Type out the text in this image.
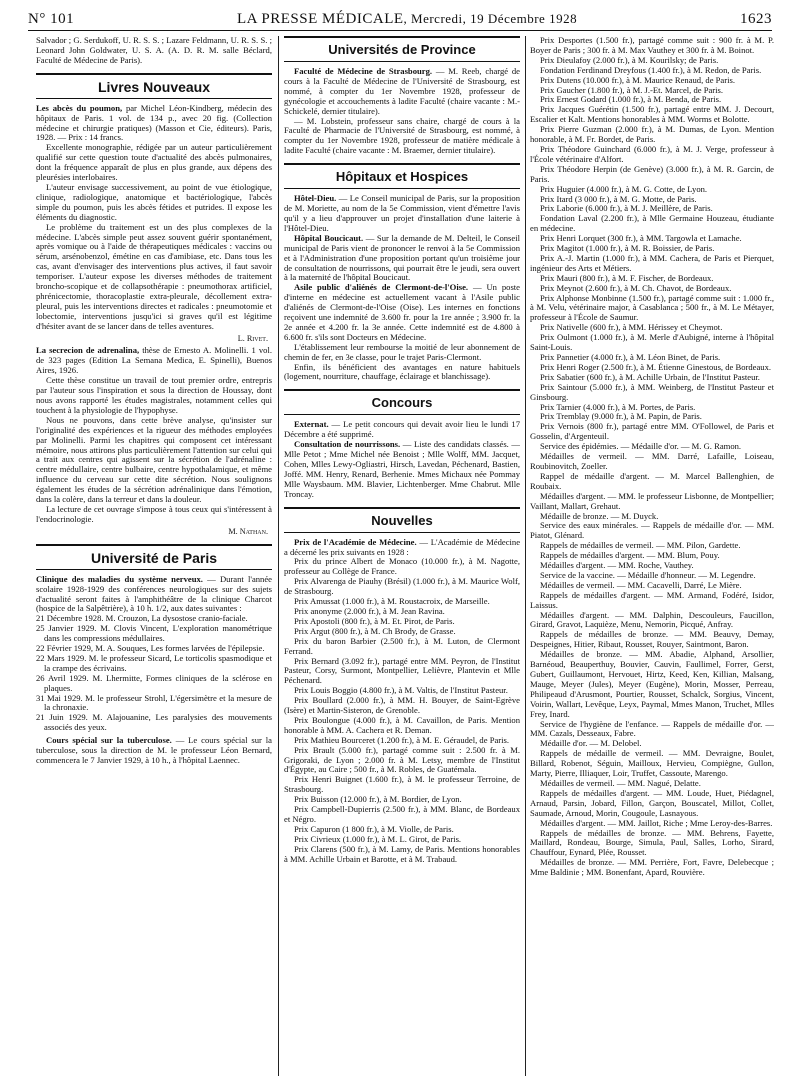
N° 101	LA PRESSE MÉDICALE, Mercredi, 19 Décembre 1928	1623

Salvador ; G. Serdukoff, U. R. S. S. ; Lazare Feldmann, U. R. S. S. ; Leonard John Goldwater, U. S. A. (A. D. R. M. salle Béclard, Faculté de Médecine de Paris).

Livres Nouveaux

Les abcès du poumon, par Michel Léon-Kindberg, médecin des hôpitaux de Paris. 1 vol. de 134 p., avec 20 fig. (Collection médecine et chirurgie pratiques) (Masson et Cie, éditeurs). Paris, 1928. — Prix : 14 francs.

Excellente monographie, rédigée par un auteur particulièrement qualifié sur cette question toute d'actualité des abcès pulmonaires, dont la fréquence apparaît de plus en plus grande, aux dépens des pleurésies interlobaires.

L'auteur envisage successivement, au point de vue étiologique, clinique, radiologique, anatomique et bactériologique, l'abcès simple du poumon, puis les abcès fétides et putrides. Il expose les éléments du diagnostic.

Le problème du traitement est un des plus complexes de la médecine. L'abcès simple peut assez souvent guérir spontanément, après vomique ou à l'aide de thérapeutiques médicales : vaccins ou sérum, arsénobenzol, émétine en cas d'amibiase, etc. Dans tous les cas, avant d'envisager des interventions plus actives, il faut savoir temporiser. L'auteur expose les diverses méthodes de traitement broncho-scopique et de collapsothérapie : pneumothorax artificiel, phrénicectomie, thoracoplastie extra-pleurale, décollement extra-pleural, puis les interventions directes et radicales : pneumotomie et lobectomie, interventions jusqu'ici si graves qu'il est légitime d'hésiter avant de se lancer dans de telles aventures.

L. Rivet.

La secrecion de adrenalina, thèse de Ernesto A. Molinelli. 1 vol. de 323 pages (Edition La Semana Medica, E. Spinelli), Buenos Aires, 1926.

Cette thèse constitue un travail de tout premier ordre, entrepris par l'auteur sous l'inspiration et sous la direction de Houssay, dont nous avons rapporté les études magistrales, notamment celles qui touchent à la physiologie de l'hypophyse.

Nous ne pouvons, dans cette brève analyse, qu'insister sur l'originalité des expériences et la rigueur des méthodes employées par Molinelli. Parmi les chapitres qui composent cet intéressant mémoire, nous attirons plus particulièrement l'attention sur celui qui a trait aux centres qui agissent sur la sécrétion de l'adrénaline : centre médullaire, centre bulbaire, centre hypothalamique, et même influence du cerveau sur cette dite sécrétion. Nous soulignons également les études de la sécrétion adrénalinique dans l'émotion, dans la colère, dans la terreur et dans la douleur.

La lecture de cet ouvrage s'impose à tous ceux qui s'intéressent à l'endocrinologie.

M. Nathan.
Université de Paris

Clinique des maladies du système nerveux. — Durant l'année scolaire 1928-1929 des conférences neurologiques sur des sujets d'actualité seront faites à l'amphithéâtre de la clinique Charcot (hospice de la Salpêtrière), à 10 h. 1/2, aux dates suivantes :

21 Décembre 1928. M. Crouzon, La dysostose cranio-faciale.

25 Janvier 1929. M. Clovis Vincent, L'exploration manométrique dans les compressions médullaires.

22 Février 1929, M. A. Souques, Les formes larvées de l'épilepsie.

22 Mars 1929. M. le professeur Sicard, Le torticolis spasmodique et la crampe des écrivains.

26 Avril 1929. M. Lhermitte, Formes cliniques de la sclérose en plaques.

31 Mai 1929. M. le professeur Strohl, L'égersimètre et la mesure de la chronaxie.

21 Juin 1929. M. Alajouanine, Les paralysies des mouvements associés des yeux.

Cours spécial sur la tuberculose. — Le cours spécial sur la tuberculose, sous la direction de M. le professeur Léon Bernard, commencera le 7 Janvier 1929, à 10 h., à l'hôpital Laennec.

Universités de Province

Faculté de Médecine de Strasbourg. — M. Reeb, chargé de cours à la Faculté de Médecine de l'Université de Strasbourg, est nommé, à compter du 1er Novembre 1928, professeur de gynécologie et accouchements à ladite Faculté (chaire vacante : M.-Schickelé, dernier titulaire).

— M. Lobstein, professeur sans chaire, chargé de cours à la Faculté de Pharmacie de l'Université de Strasbourg, est nommé, à compter du 1er Novembre 1928, professeur de matière médicale à ladite Faculté (chaire vacante : M. Braemer, dernier titulaire).

Hôpitaux et Hospices

Hôtel-Dieu. — Le Conseil municipal de Paris, sur la proposition de M. Moriette, au nom de la 5e Commission, vient d'émettre l'avis qu'il y a lieu d'approuver un projet d'installation d'une laiterie à l'Hôtel-Dieu.

Hôpital Boucicaut. — Sur la demande de M. Delteil, le Conseil municipal de Paris vient de prononcer le renvoi à la 5e Commission et à l'Administration d'une proposition portant qu'un troisième jour de consultation de nourrissons, qui pourrait être le jeudi, sera ouvert à la maternité de l'hôpital Boucicaut.

Asile public d'aliénés de Clermont-de-l'Oise. — Un poste d'interne en médecine est actuellement vacant à l'Asile public d'aliénés de Clermont-de-l'Oise (Oise). Les internes en fonctions reçoivent une indemnité de 3.600 fr. pour la 1re année ; 3.900 fr. la 2e année et 4.200 fr. la 3e année. Cette indemnité est de 4.800 à 6.600 fr. s'ils sont Docteurs en Médecine.

L'établissement leur rembourse la moitié de leur abonnement de chemin de fer, en 3e classe, pour le trajet Paris-Clermont.

Enfin, ils bénéficient des avantages en nature habituels (logement, nourriture, chauffage, éclairage et blanchissage).

Concours

Externat. — Le petit concours qui devait avoir lieu le lundi 17 Décembre a été supprimé.

Consultation de nourrissons. — Liste des candidats classés. — Mlle Petot ; Mme Michel née Benoist ; Mlle Wolff, MM. Jacquet, Cohen, Mlles Lewy-Ogliastri, Hirsch, Lavedan, Péchenard, Bastien, Joffé. MM. Henry, Renard, Berhenie. Mmes Michaux née Pommay Mlle Waysbaum. MM. Blavier, Lichtenberger. Mme Chabrut. Mlle Troncay.

Nouvelles

Prix de l'Académie de Médecine. — L'Académie de Médecine a décerné les prix suivants en 1928 :

Prix du prince Albert de Monaco (10.000 fr.), à M. Nagotte, professeur au Collège de France.

Prix Alvarenga de Piauhy (Brésil) (1.000 fr.), à M. Maurice Wolf, de Strasbourg.

Prix Amussat (1.000 fr.), à M. Roustacroix, de Marseille.

Prix anonyme (2.000 fr.), à M. Jean Ravina.

Prix Apostoli (800 fr.), à M. Et. Pirot, de Paris.

Prix Argut (800 fr.), à M. Ch Brody, de Grasse.

Prix du baron Barbier (2.500 fr.), à M. Luton, de Clermont Ferrand.

Prix Bernard (3.092 fr.), partagé entre MM. Peyron, de l'Institut Pasteur, Corsy, Surmont, Montpellier, Lelièvre, Plantevin et Mlle Péchenard.

Prix Louis Boggio (4.800 fr.), à M. Valtis, de l'Institut Pasteur.

Prix Boullard (2.000 fr.), à MM. H. Bouyer, de Saint-Egrève (Isère) et Martin-Sisteron, de Grenoble.

Prix Boulongue (4.000 fr.), à M. Cavaillon, de Paris. Mention honorable à MM. A. Cachera et R. Deman.

Prix Mathieu Bourceret (1.200 fr.), à M. E. Géraudel, de Paris.

Prix Brault (5.000 fr.), partagé comme suit : 2.500 fr. à M. Grigoraki, de Lyon ; 2.000 fr. à M. Letsy, membre de l'Institut d'Égypte, au Caire ; 500 fr., à M. Robles, de Guatémala.

Prix Henri Buignet (1.600 fr.), à M. le professeur Terroine, de Strasbourg.

Prix Buisson (12.000 fr.), à M. Bordier, de Lyon.

Prix Campbell-Dupierris (2.500 fr.), à MM. Blanc, de Bordeaux et Négro.

Prix Capuron (1 800 fr.), à M. Violle, de Paris.

Prix Civrieux (1.000 fr.), à M. L. Girot, de Paris.

Prix Clarens (500 fr.), à M. Lamy, de Paris. Mentions honorables à MM. Achille Urbain et Barotte, et à M. Trabaud.

Prix Desportes (1.500 fr.), partagé comme suit : 900 fr. à M. P. Boyer de Paris ; 300 fr. à M. Max Vauthey et 300 fr. à M. Boinot.

Prix Dieulafoy (2.000 fr.), à M. Kourilsky; de Paris.

Fondation Ferdinand Dreyfous (1.400 fr.), à M. Redon, de Paris.

Prix Dutens (10.000 fr.), à M. Maurice Renaud, de Paris.

Prix Gaucher (1.800 fr.), à M. J.-Et. Marcel, de Paris.

Prix Ernest Godard (1.000 fr.), à M. Benda, de Paris.

Prix Jacques Guérétin (1.500 fr.), partagé entre MM. J. Decourt, Escalier et Kalt. Mentions honorables à MM. Worms et Bolotte.

Prix Pierre Guzman (2.000 fr.), à M. Dumas, de Lyon. Mention honorable, à M. Fr. Bordet, de Paris.

Prix Théodore Guinchard (6.000 fr.), à M. J. Verge, professeur à l'École vétérinaire d'Alfort.

Prix Théodore Herpin (de Genève) (3.000 fr.), à M. R. Garcin, de Paris.

Prix Huguier (4.000 fr.), à M. G. Cotte, de Lyon.

Prix Itard (3 000 fr.), à M. G. Motte, de Paris.

Prix Laborie (6.000 fr.), à M. J. Meillère, de Paris.

Fondation Laval (2.200 fr.), à Mlle Germaine Houzeau, étudiante en médecine.

Prix Henri Lorquet (300 fr.), à MM. Targowla et Lamache.

Prix Magitot (1.000 fr.), à M. R. Boissier, de Paris.

Prix A.-J. Martin (1.000 fr.), à MM. Cachera, de Paris et Pierquet, ingénieur des Arts et Métiers.

Prix Mauri (800 fr.), à M. F. Fischer, de Bordeaux.

Prix Meynot (2.600 fr.), à M. Ch. Chavot, de Bordeaux.

Prix Alphonse Monbinne (1.500 fr.), partagé comme suit : 1.000 fr., à M. Velu, vétérinaire major, à Casablanca ; 500 fr., à M. Le Métayer, professeur à l'École de Saumur.

Prix Nativelle (600 fr.), à MM. Hérissey et Cheymot.

Prix Oulmont (1.000 fr.), à M. Merle d'Aubigné, interne à l'hôpital Saint-Louis.

Prix Pannetier (4.000 fr.), à M. Léon Binet, de Paris.

Prix Henri Roger (2.500 fr.), à M. Étienne Ginestous, de Bordeaux.

Prix Sabatier (600 fr.), à M. Achille Urbain, de l'Institut Pasteur.

Prix Saintour (5.000 fr.), à MM. Weinberg, de l'Institut Pasteur et Ginsbourg.

Prix Tarnier (4.000 fr.), à M. Portes, de Paris.

Prix Tremblay (9.000 fr.), à M. Papin, de Paris.

Prix Vernois (800 fr.), partagé entre MM. O'Followel, de Paris et Gosselin, d'Argenteuil.

Service des épidémies. — Médaille d'or. — M. G. Ramon.

Médailles de vermeil. — MM. Darré, Lafaille, Loiseau, Roubinovitch, Zoeller.

Rappel de médaille d'argent. — M. Marcel Ballenghien, de Roubaix.

Médailles d'argent. — MM. le professeur Lisbonne, de Montpellier; Vaillant, Mallart, Grehaut.

Médaille de bronze. — M. Duyck.

Service des eaux minérales. — Rappels de médaille d'or. — MM. Piatot, Glénard.

Rappels de médailles de vermeil. — MM. Pilon, Gardette.

Rappels de médailles d'argent. — MM. Blum, Pouy.

Médailles d'argent. — MM. Roche, Vauthey.

Service de la vaccine. — Médaille d'honneur. — M. Legendre.

Médailles de vermeil. — MM. Cacavelli, Darré, Le Mière.

Rappels de médailles d'argent. — MM. Armand, Fodéré, Isidor, Laissus.

Médailles d'argent. — MM. Dalphin, Descouleurs, Faucillon, Girard, Gravot, Laquièze, Menu, Nemorin, Picqué, Anfray.

Rappels de médailles de bronze. — MM. Beauvy, Demay, Despeignes, Hitier, Ribaut, Rousset, Rouyer, Saintmont, Baron.

Médailles de bronze. — MM. Abadie, Alphand, Arsollier, Barnéoud, Beauperthuy, Bouvier, Cauvin, Faullimel, Forrer, Gerst, Gubert, Guillaumont, Hervouet, Hirtz, Keed, Ken, Killian, Malsang, Mauge, Meyer (Jules), Meyer (Eugène), Morin, Mosser, Perreau, Philipeaud d'Arusmont, Pourtier, Rousset, Schalck, Sorgius, Vincent, Voirin, Wallart, Levêque, Leyx, Paymal, Mmes Manon, Truchet, Mlles Frey, Inard.

Service de l'hygiène de l'enfance. — Rappels de médaille d'or. — MM. Cazals, Desseaux, Fabre.

Médaille d'or. — M. Delobel.

Rappels de médaille de vermeil. — MM. Devraigne, Boulet, Billard, Robenot, Séguin, Mailloux, Hervieu, Compiègne, Gullon, Marty, Pierre, Illiaquer, Loir, Truffet, Cassoute, Marengo.

Médailles de vermeil. — MM. Nagué, Delatte.

Rappels de médailles d'argent. — MM. Loude, Huet, Piédagnel, Arnaud, Parsin, Jobard, Fillon, Garçon, Bouscatel, Millot, Collet, Saumade, Arnoud, Morin, Cougoule, Lasnayous.

Médailles d'argent. — MM. Jaillot, Riche ; Mme Leroy-des-Barres.

Rappels de médailles de bronze. — MM. Behrens, Fayette, Maillard, Rondeau, Bourge, Simula, Paul, Salles, Lorho, Sirard, Chauffour, Eynard, Plée, Rousset.

Médailles de bronze. — MM. Perrière, Fort, Favre, Delebecque ; Mme Baldinie ; MM. Bonenfant, Apard, Rouvière.
